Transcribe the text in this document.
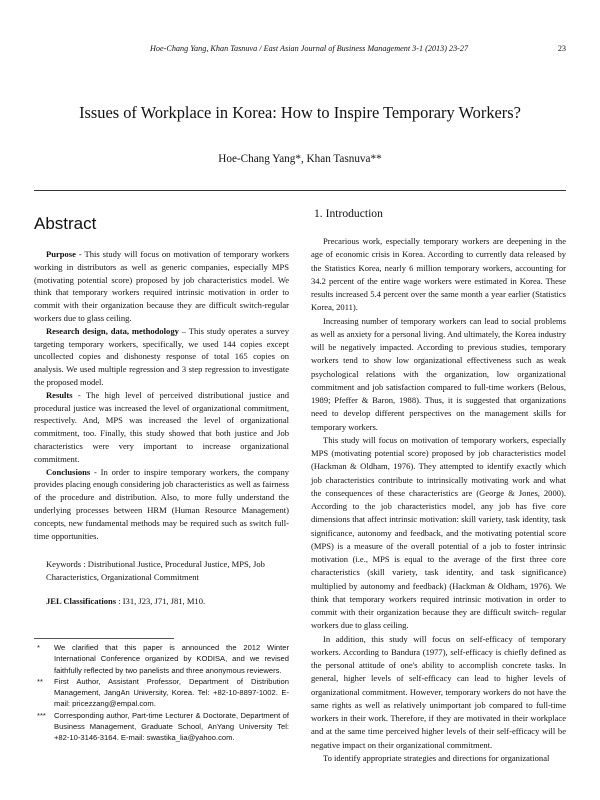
Hoe-Chang Yang, Khan Tasnuva / East Asian Journal of Business Management 3-1 (2013) 23-27	23
Issues of Workplace in Korea: How to Inspire Temporary Workers?
Hoe-Chang Yang*, Khan Tasnuva**
Abstract

Purpose - This study will focus on motivation of temporary workers working in distributors as well as generic companies, especially MPS (motivating potential score) proposed by job characteristics model. We think that temporary workers required intrinsic motivation in order to commit with their organization because they are difficult switch-regular workers due to glass ceiling.

Research design, data, methodology – This study operates a survey targeting temporary workers, specifically, we used 144 copies except uncollected copies and dishonesty response of total 165 copies on analysis. We used multiple regression and 3 step regression to investigate the proposed model.

Results - The high level of perceived distributional justice and procedural justice was increased the level of organizational commitment, respectively. And, MPS was increased the level of organizational commitment, too. Finally, this study showed that both justice and Job characteristics were very important to increase organizational commitment.

Conclusions - In order to inspire temporary workers, the company provides placing enough considering job characteristics as well as fairness of the procedure and distribution. Also, to more fully understand the underlying processes between HRM (Human Resource Management) concepts, new fundamental methods may be required such as switch full-time opportunities.

Keywords : Distributional Justice, Procedural Justice, MPS, Job Characteristics, Organizational Commitment
JEL Classifications : I31, J23, J71, J81, M10.
* We clarified that this paper is announced the 2012 Winter International Conference organized by KODISA, and we revised faithfully reflected by two panelists and three anonymous reviewers.
** First Author, Assistant Professor, Department of Distribution Management, JangAn University, Korea. Tel: +82-10-8897-1002. E-mail: pricezzang@empal.com.
*** Corresponding author, Part-time Lecturer & Doctorate, Department of Business Management, Graduate School, AnYang University Tel: +82-10-3146-3164. E-mail: swastika_lia@yahoo.com.
1. Introduction

Precarious work, especially temporary workers are deepening in the age of economic crisis in Korea. According to currently data released by the Statistics Korea, nearly 6 million temporary workers, accounting for 34.2 percent of the entire wage workers were estimated in Korea. These results increased 5.4 percent over the same month a year earlier (Statistics Korea, 2011).

Increasing number of temporary workers can lead to social problems as well as anxiety for a personal living. And ultimately, the Korea industry will be negatively impacted. According to previous studies, temporary workers tend to show low organizational effectiveness such as weak psychological relations with the organization, low organizational commitment and job satisfaction compared to full-time workers (Belous, 1989; Pfeffer & Baron, 1988). Thus, it is suggested that organizations need to develop different perspectives on the management skills for temporary workers.

This study will focus on motivation of temporary workers, especially MPS (motivating potential score) proposed by job characteristics model (Hackman & Oldham, 1976). They attempted to identify exactly which job characteristics contribute to intrinsically motivating work and what the consequences of these characteristics are (George & Jones, 2000). According to the job characteristics model, any job has five core dimensions that affect intrinsic motivation: skill variety, task identity, task significance, autonomy and feedback, and the motivating potential score (MPS) is a measure of the overall potential of a job to foster intrinsic motivation (i.e., MPS is equal to the average of the first three core characteristics (skill variety, task identity, and task significance) multiplied by autonomy and feedback) (Hackman & Oldham, 1976). We think that temporary workers required intrinsic motivation in order to commit with their organization because they are difficult switch- regular workers due to glass ceiling.

In addition, this study will focus on self-efficacy of temporary workers. According to Bandura (1977), self-efficacy is chiefly defined as the personal attitude of one's ability to accomplish concrete tasks. In general, higher levels of self-efficacy can lead to higher levels of organizational commitment. However, temporary workers do not have the same rights as well as relatively unimportant job compared to full-time workers in their work. Therefore, if they are motivated in their workplace and at the same time perceived higher levels of their self-efficacy will be negative impact on their organizational commitment.

To identify appropriate strategies and directions for organizational
